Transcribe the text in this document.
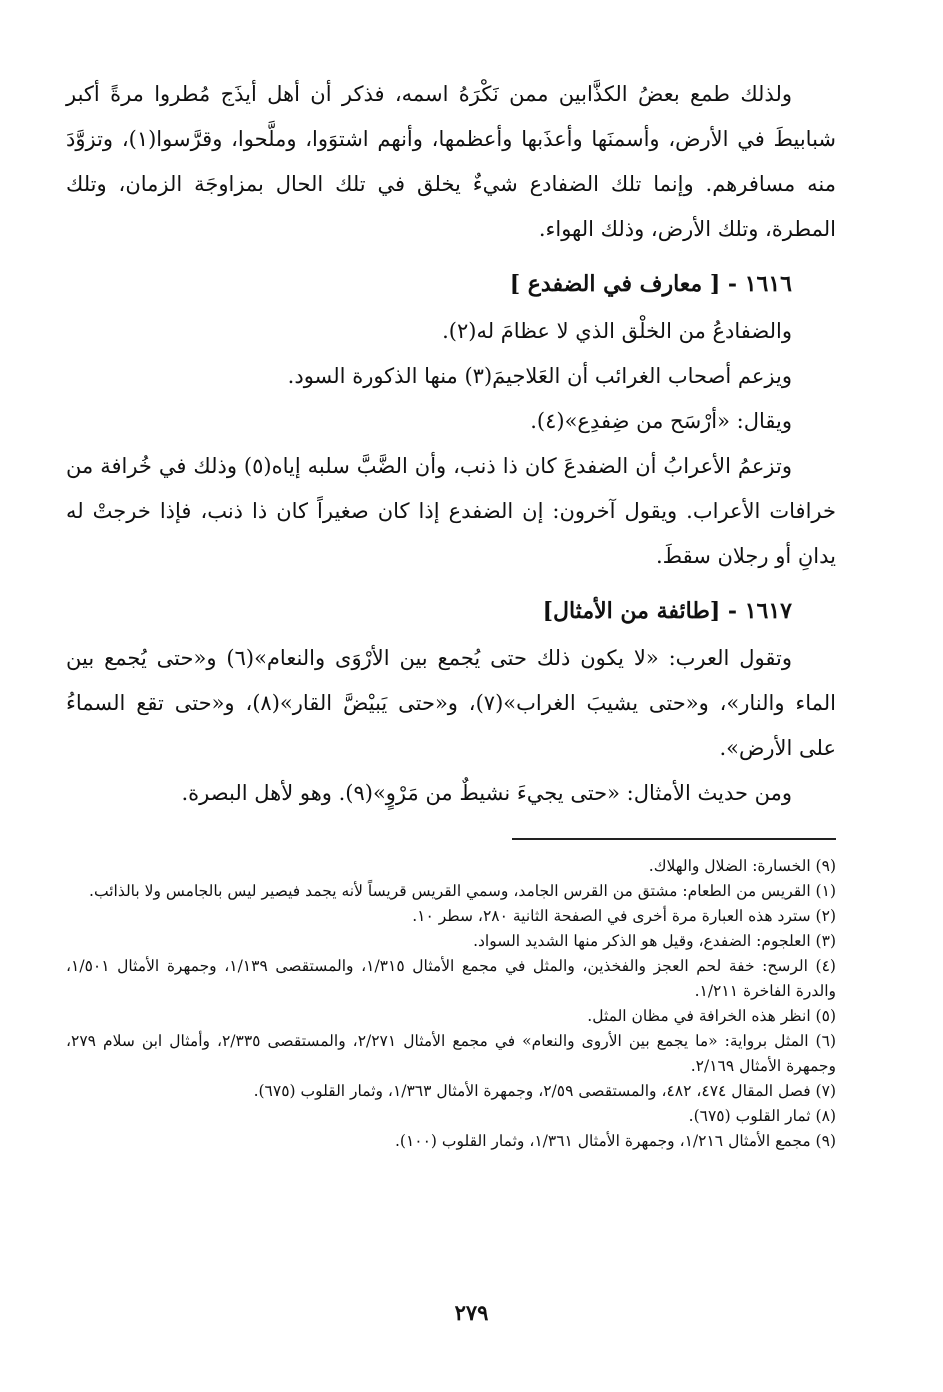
ولذلك طمع بعضُ الكذَّابين ممن نَكْرَهُ اسمه، فذكر أن أهل أيذَج مُطروا مرةً أكبر شبابيطَ في الأرض، وأسمنَها وأعذَبها وأعظمها، وأنهم اشتوَوا، وملَّحوا، وقرَّسوا(١)، وتزوَّدَ منه مسافرهم. وإنما تلك الضفادع شيءٌ يخلق في تلك الحال بمزاوجَة الزمان، وتلك المطرة، وتلك الأرض، وذلك الهواء.

١٦١٦ - [ معارف في الضفدع ]

والضفادعُ من الخلْق الذي لا عظامَ له(٢).

ويزعم أصحاب الغرائب أن العَلاجيمَ(٣) منها الذكورة السود.

ويقال: «أرْسَح من ضِفدِع»(٤).

وتزعمُ الأعرابُ أن الضفدعَ كان ذا ذنب، وأن الضَّبَّ سلبه إياه(٥) وذلك في خُرافة من خرافات الأعراب. ويقول آخرون: إن الضفدع إذا كان صغيراً كان ذا ذنب، فإذا خرجتْ له يدانِ أو رجلان سقطَ.

١٦١٧ - [طائفة من الأمثال]

وتقول العرب: «لا يكون ذلك حتى يُجمع بين الأرْوَى والنعام»(٦) و«حتى يُجمع بين الماء والنار»، و«حتى يشيبَ الغراب»(٧)، و«حتى يَبيْضَّ القار»(٨)، و«حتى تقع السماءُ على الأرض».

ومن حديث الأمثال: «حتى يجيءَ نشيطٌ من مَرْوٍ»(٩). وهو لأهل البصرة.

(٩) الخسارة: الضلال والهلاك.

(١) القريس من الطعام: مشتق من القرس الجامد، وسمي القريس قريساً لأنه يجمد فيصير ليس بالجامس ولا بالذائب.

(٢) سترد هذه العبارة مرة أخرى في الصفحة الثانية ٢٨٠، سطر ١٠.

(٣) العلجوم: الضفدع، وقيل هو الذكر منها الشديد السواد.

(٤) الرسح: خفة لحم العجز والفخذين، والمثل في مجمع الأمثال ١/٣١٥، والمستقصى ١/١٣٩، وجمهرة الأمثال ١/٥٠١، والدرة الفاخرة ١/٢١١.

(٥) انظر هذه الخرافة في مظان المثل.

(٦) المثل برواية: «ما يجمع بين الأروى والنعام» في مجمع الأمثال ٢/٢٧١، والمستقصى ٢/٣٣٥، وأمثال ابن سلام ٢٧٩، وجمهرة الأمثال ٢/١٦٩.

(٧) فصل المقال ٤٧٤، ٤٨٢، والمستقصى ٢/٥٩، وجمهرة الأمثال ١/٣٦٣، وثمار القلوب (٦٧٥).

(٨) ثمار القلوب (٦٧٥).

(٩) مجمع الأمثال ١/٢١٦، وجمهرة الأمثال ١/٣٦١، وثمار القلوب (١٠٠).

٢٧٩
